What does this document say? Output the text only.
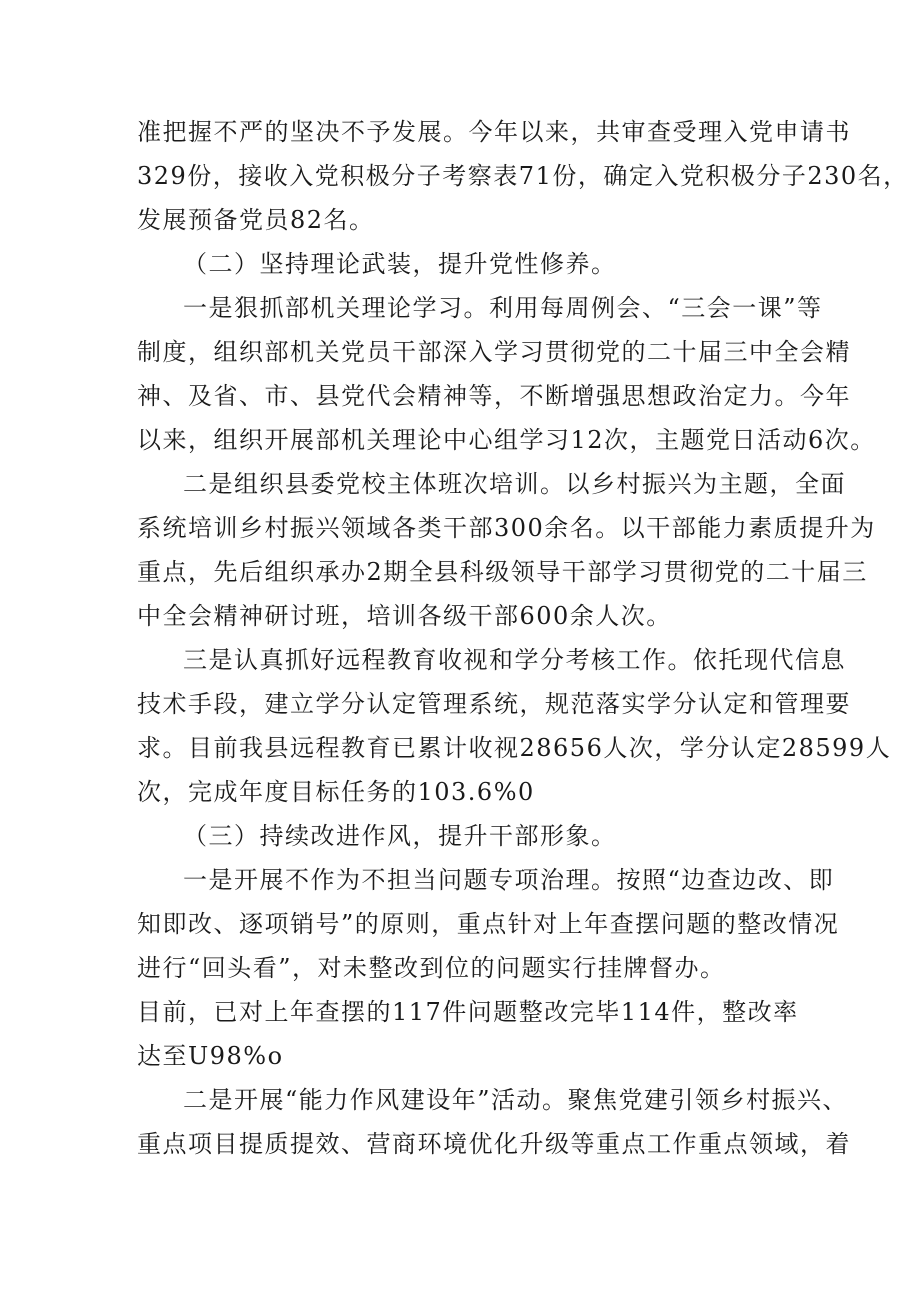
准把握不严的坚决不予发展。今年以来，共审查受理入党申请书
329份，接收入党积极分子考察表71份，确定入党积极分子230名，
发展预备党员82名。
（二）坚持理论武装，提升党性修养。
一是狠抓部机关理论学习。利用每周例会、“三会一课”等
制度，组织部机关党员干部深入学习贯彻党的二十届三中全会精
神、及省、市、县党代会精神等，不断增强思想政治定力。今年
以来，组织开展部机关理论中心组学习12次，主题党日活动6次。
二是组织县委党校主体班次培训。以乡村振兴为主题，全面
系统培训乡村振兴领域各类干部300余名。以干部能力素质提升为
重点，先后组织承办2期全县科级领导干部学习贯彻党的二十届三
中全会精神研讨班，培训各级干部600余人次。
三是认真抓好远程教育收视和学分考核工作。依托现代信息
技术手段，建立学分认定管理系统，规范落实学分认定和管理要
求。目前我县远程教育已累计收视28656人次，学分认定28599人
次，完成年度目标任务的103.6%0
（三）持续改进作风，提升干部形象。
一是开展不作为不担当问题专项治理。按照“边查边改、即
知即改、逐项销号”的原则，重点针对上年查摆问题的整改情况
进行“回头看”，对未整改到位的问题实行挂牌督办。
目前，已对上年查摆的117件问题整改完毕114件，整改率
达至U98%o
二是开展“能力作风建设年”活动。聚焦党建引领乡村振兴、
重点项目提质提效、营商环境优化升级等重点工作重点领域，着
